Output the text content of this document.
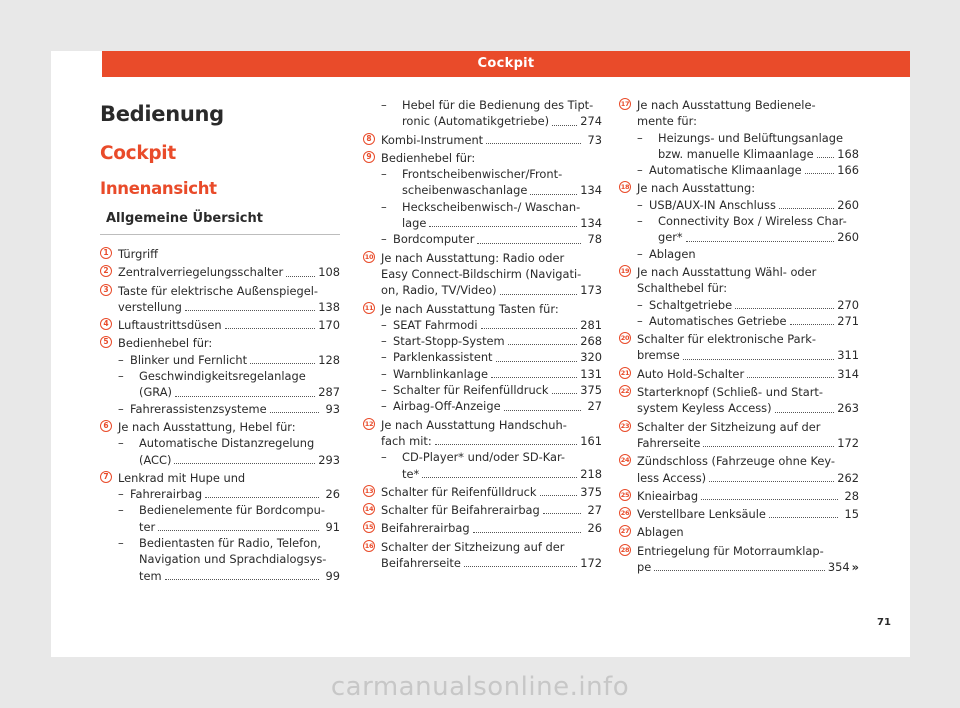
Cockpit
Bedienung
Cockpit
Innenansicht
Allgemeine Übersicht
1 Türgriff
2 Zentralverriegelungsschalter	108
3 Taste für elektrische Außenspiegel-
verstellung	138
4 Luftaustrittsdüsen	170
5 Bedienhebel für:
– Blinker und Fernlicht	128
–	Geschwindigkeitsregelanlage
(GRA)	287
– Fahrerassistenzsysteme	93
6 Je nach Ausstattung, Hebel für:
–	Automatische Distanzregelung
(ACC)	293
7 Lenkrad mit Hupe und
– Fahrerairbag	26
–	Bedienelemente für Bordcompu-
ter	91
–	Bedientasten für Radio, Telefon,
Navigation und Sprachdialogsys-
tem	99
–	Hebel für die Bedienung des Tipt-
ronic (Automatikgetriebe)	274
8 Kombi-Instrument	73
9 Bedienhebel für:
–	Frontscheibenwischer/Front-
scheibenwaschanlage	134
–	Heckscheibenwisch-/ Waschan-
lage	134
– Bordcomputer	78
10 Je nach Ausstattung: Radio oder
Easy Connect-Bildschirm (Navigati-
on, Radio, TV/Video)	173
11 Je nach Ausstattung Tasten für:
– SEAT Fahrmodi	281
– Start-Stopp-System	268
– Parklenkassistent	320
– Warnblinkanlage	131
– Schalter für Reifenfülldruck	375
– Airbag-Off-Anzeige	27
12 Je nach Ausstattung Handschuh-
fach mit:	161
–	CD-Player* und/oder SD-Kar-
te*	218
13 Schalter für Reifenfülldruck	375
14 Schalter für Beifahrerairbag	27
15 Beifahrerairbag	26
16 Schalter der Sitzheizung auf der
Beifahrerseite	172
17 Je nach Ausstattung Bedienele-
mente für:
–	Heizungs- und Belüftungsanlage
bzw. manuelle Klimaanlage 168
– Automatische Klimaanlage	166
18 Je nach Ausstattung:
– USB/AUX-IN Anschluss	260
–	Connectivity Box / Wireless Char-
ger*	260
– Ablagen
19 Je nach Ausstattung Wähl- oder
Schalthebel für:
– Schaltgetriebe	270
– Automatisches Getriebe	271
20 Schalter für elektronische Park-
bremse	311
21 Auto Hold-Schalter	314
22 Starterknopf (Schließ- und Start-
system Keyless Access)	263
23 Schalter der Sitzheizung auf der
Fahrerseite	172
24 Zündschloss (Fahrzeuge ohne Key-
less Access)	262
25 Knieairbag	28
26 Verstellbare Lenksäule	15
27 Ablagen
28 Entriegelung für Motorraumklap-
pe	354 »
71
carmanualsonline.info
